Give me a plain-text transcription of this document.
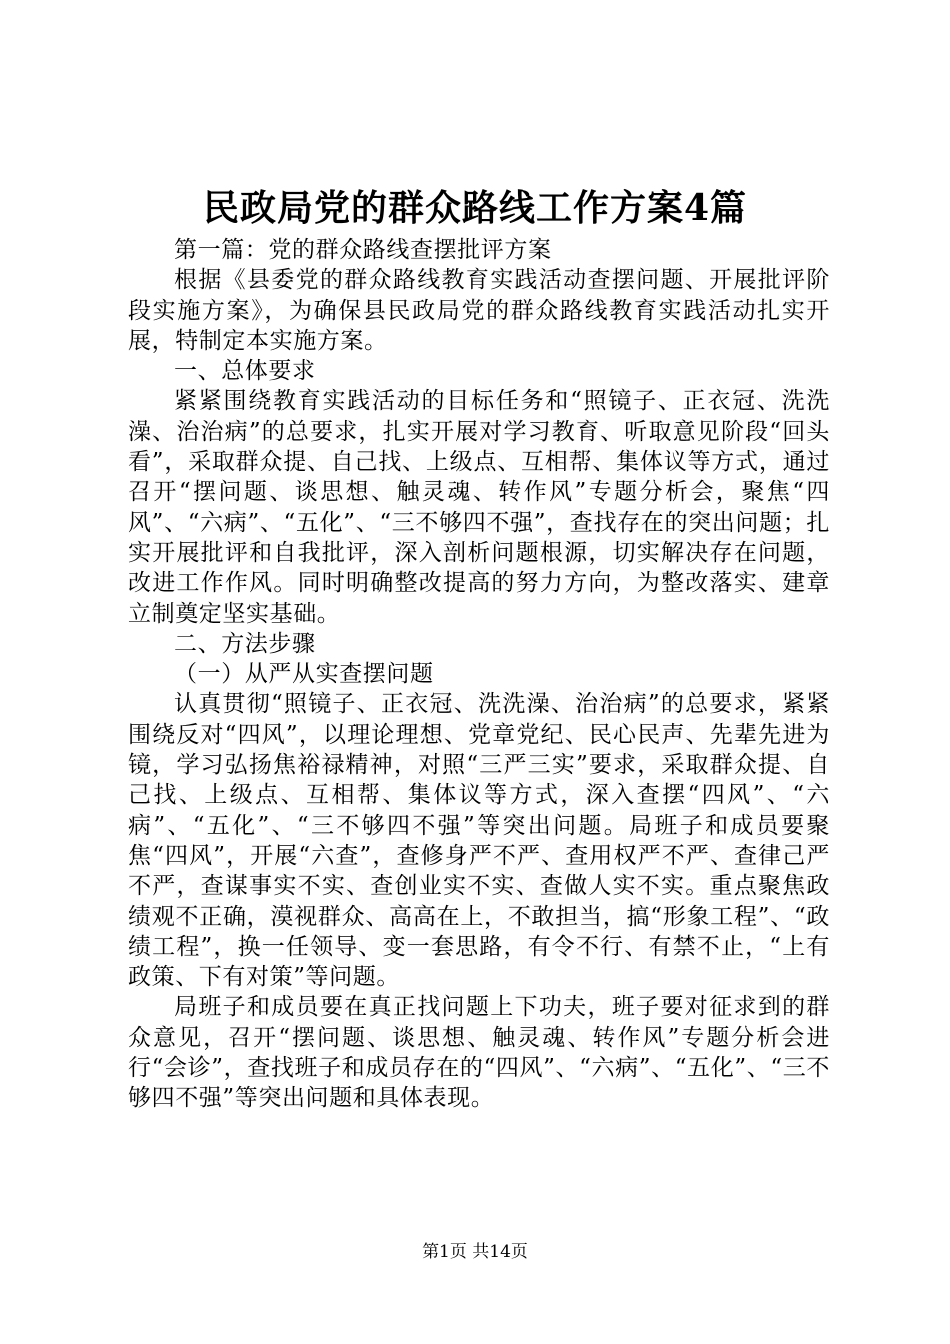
民政局党的群众路线工作方案4篇

第一篇：党的群众路线查摆批评方案

根据《县委党的群众路线教育实践活动查摆问题、开展批评阶段实施方案》，为确保县民政局党的群众路线教育实践活动扎实开展，特制定本实施方案。

一、总体要求

紧紧围绕教育实践活动的目标任务和“照镜子、正衣冠、洗洗澡、治治病”的总要求，扎实开展对学习教育、听取意见阶段“回头看”，采取群众提、自己找、上级点、互相帮、集体议等方式，通过召开“摆问题、谈思想、触灵魂、转作风”专题分析会，聚焦“四风”、“六病”、“五化”、“三不够四不强”，查找存在的突出问题；扎实开展批评和自我批评，深入剖析问题根源，切实解决存在问题，改进工作作风。同时明确整改提高的努力方向，为整改落实、建章立制奠定坚实基础。

二、方法步骤

（一）从严从实查摆问题

认真贯彻“照镜子、正衣冠、洗洗澡、治治病”的总要求，紧紧围绕反对“四风”，以理论理想、党章党纪、民心民声、先辈先进为镜，学习弘扬焦裕禄精神，对照“三严三实”要求，采取群众提、自己找、上级点、互相帮、集体议等方式，深入查摆“四风”、“六病”、“五化”、“三不够四不强”等突出问题。局班子和成员要聚焦“四风”，开展“六查”，查修身严不严、查用权严不严、查律己严不严，查谋事实不实、查创业实不实、查做人实不实。重点聚焦政绩观不正确，漠视群众、高高在上，不敢担当，搞“形象工程”、“政绩工程”，换一任领导、变一套思路，有令不行、有禁不止，“上有政策、下有对策”等问题。

局班子和成员要在真正找问题上下功夫，班子要对征求到的群众意见，召开“摆问题、谈思想、触灵魂、转作风”专题分析会进行“会诊”，查找班子和成员存在的“四风”、“六病”、“五化”、“三不够四不强”等突出问题和具体表现。

第1页 共14页
